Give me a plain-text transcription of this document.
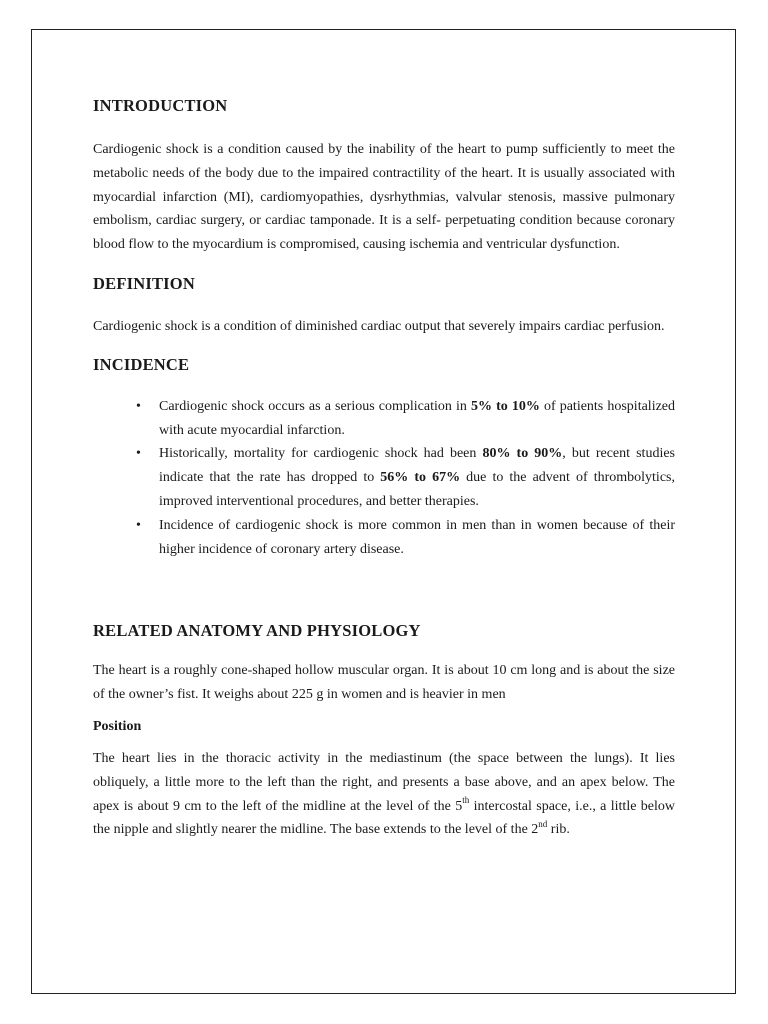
INTRODUCTION

Cardiogenic shock is a condition caused by the inability of the heart to pump sufficiently to meet the metabolic needs of the body due to the impaired contractility of the heart. It is usually associated with myocardial infarction (MI), cardiomyopathies, dysrhythmias, valvular stenosis, massive pulmonary embolism, cardiac surgery, or cardiac tamponade. It is a self- perpetuating condition because coronary blood flow to the myocardium is compromised, causing ischemia and ventricular dysfunction.

DEFINITION

Cardiogenic shock is a condition of diminished cardiac output that severely impairs cardiac perfusion.

INCIDENCE
• Cardiogenic shock occurs as a serious complication in 5% to 10% of patients hospitalized with acute myocardial infarction.
• Historically, mortality for cardiogenic shock had been 80% to 90%, but recent studies indicate that the rate has dropped to 56% to 67% due to the advent of thrombolytics, improved interventional procedures, and better therapies.
• Incidence of cardiogenic shock is more common in men than in women because of their higher incidence of coronary artery disease.
RELATED ANATOMY AND PHYSIOLOGY

The heart is a roughly cone-shaped hollow muscular organ. It is about 10 cm long and is about the size of the owner’s fist. It weighs about 225 g in women and is heavier in men

Position

The heart lies in the thoracic activity in the mediastinum (the space between the lungs). It lies obliquely, a little more to the left than the right, and presents a base above, and an apex below. The apex is about 9 cm to the left of the midline at the level of the 5th intercostal space, i.e., a little below the nipple and slightly nearer the midline. The base extends to the level of the 2nd rib.
